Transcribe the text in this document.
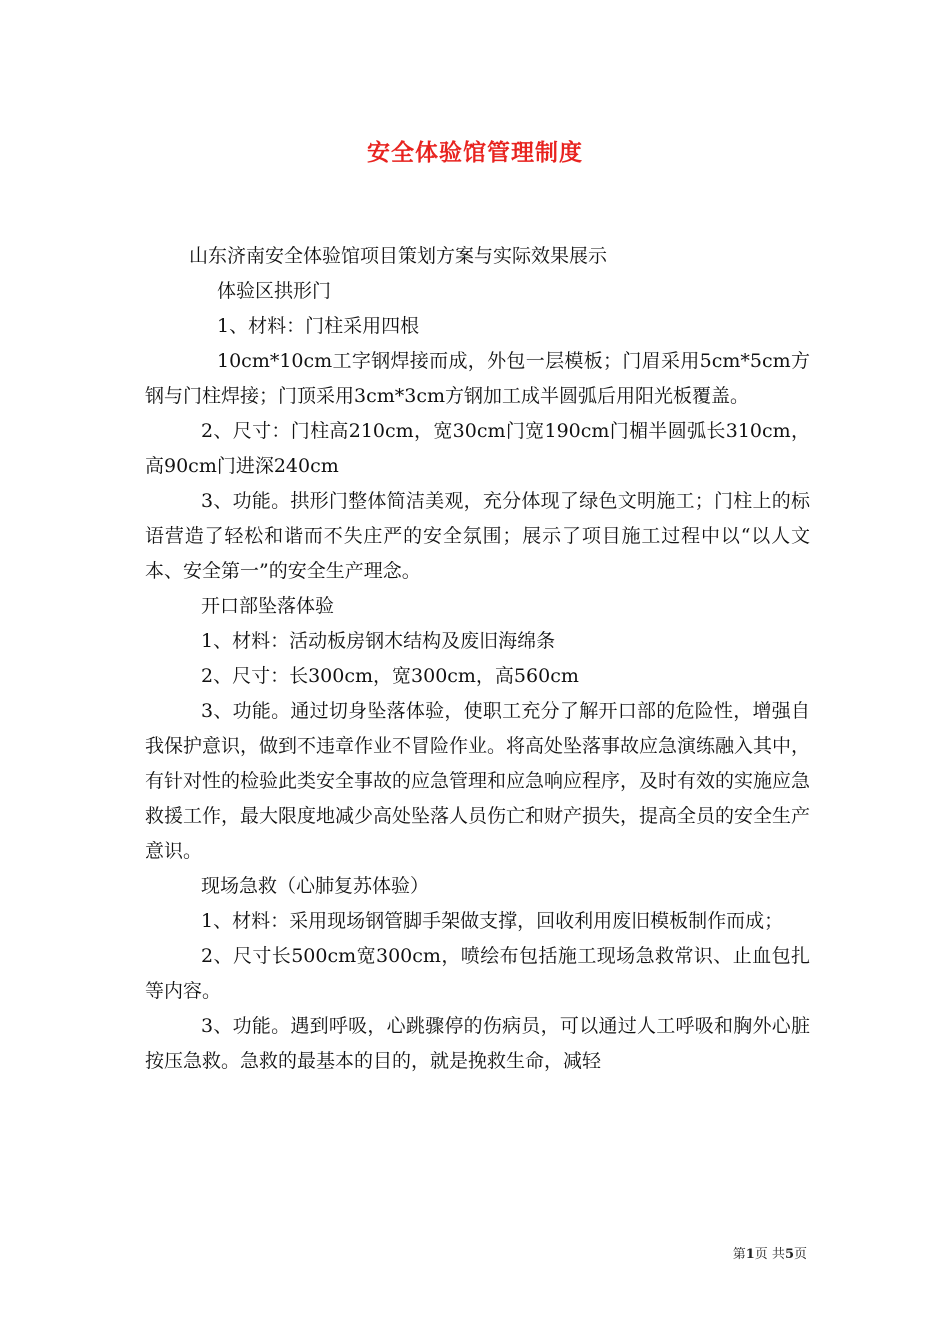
安全体验馆管理制度

山东济南安全体验馆项目策划方案与实际效果展示

体验区拱形门

1、材料：门柱采用四根

10cm*10cm工字钢焊接而成，外包一层模板；门眉采用5cm*5cm方钢与门柱焊接；门顶采用3cm*3cm方钢加工成半圆弧后用阳光板覆盖。

2、尺寸：门柱高210cm，宽30cm门宽190cm门楣半圆弧长310cm，高90cm门进深240cm

3、功能。拱形门整体简洁美观，充分体现了绿色文明施工；门柱上的标语营造了轻松和谐而不失庄严的安全氛围；展示了项目施工过程中以“以人文本、安全第一”的安全生产理念。

开口部坠落体验

1、材料：活动板房钢木结构及废旧海绵条

2、尺寸：长300cm，宽300cm，高560cm

3、功能。通过切身坠落体验，使职工充分了解开口部的危险性，增强自我保护意识，做到不违章作业不冒险作业。将高处坠落事故应急演练融入其中，有针对性的检验此类安全事故的应急管理和应急响应程序，及时有效的实施应急救援工作，最大限度地减少高处坠落人员伤亡和财产损失，提高全员的安全生产意识。

现场急救（心肺复苏体验）

1、材料：采用现场钢管脚手架做支撑，回收利用废旧模板制作而成；

2、尺寸长500cm宽300cm，喷绘布包括施工现场急救常识、止血包扎等内容。

3、功能。遇到呼吸，心跳骤停的伤病员，可以通过人工呼吸和胸外心脏按压急救。急救的最基本的目的，就是挽救生命，减轻

第1页 共5页
